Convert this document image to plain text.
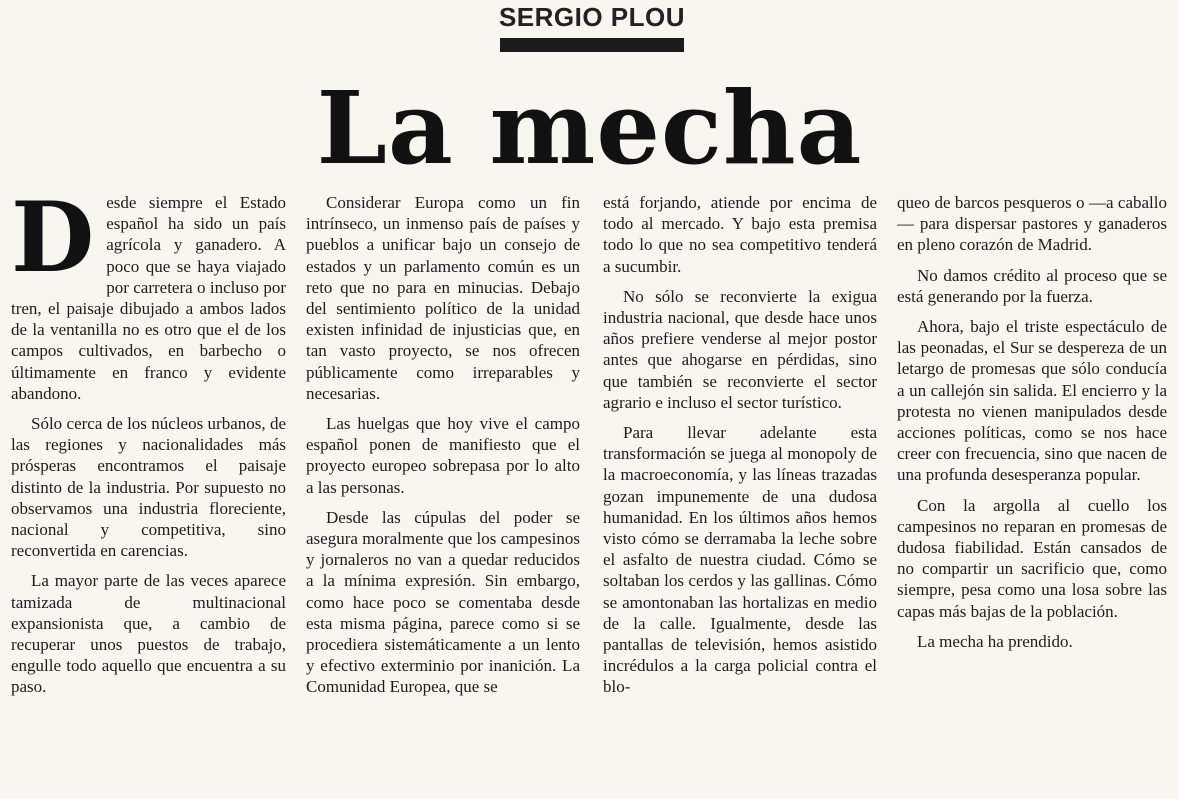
SERGIO PLOU
La mecha

Desde siempre el Estado español ha sido un país agrícola y ganadero. A poco que se haya viajado por carretera o incluso por tren, el paisaje dibujado a ambos lados de la ventanilla no es otro que el de los campos cultivados, en barbecho o últimamente en franco y evidente abandono.

Sólo cerca de los núcleos urbanos, de las regiones y nacionalidades más prósperas encontramos el paisaje distinto de la industria. Por supuesto no observamos una industria floreciente, nacional y competitiva, sino reconvertida en carencias.

La mayor parte de las veces aparece tamizada de multinacional expansionista que, a cambio de recuperar unos puestos de trabajo, engulle todo aquello que encuentra a su paso.

Considerar Europa como un fin intrínseco, un inmenso país de países y pueblos a unificar bajo un consejo de estados y un parlamento común es un reto que no para en minucias. Debajo del sentimiento político de la unidad existen infinidad de injusticias que, en tan vasto proyecto, se nos ofrecen públicamente como irreparables y necesarias.

Las huelgas que hoy vive el campo español ponen de manifiesto que el proyecto europeo sobrepasa por lo alto a las personas.

Desde las cúpulas del poder se asegura moralmente que los campesinos y jornaleros no van a quedar reducidos a la mínima expresión. Sin embargo, como hace poco se comentaba desde esta misma página, parece como si se procediera sistemáticamente a un lento y efectivo exterminio por inanición. La Comunidad Europea, que se

está forjando, atiende por encima de todo al mercado. Y bajo esta premisa todo lo que no sea competitivo tenderá a sucumbir.

No sólo se reconvierte la exigua industria nacional, que desde hace unos años prefiere venderse al mejor postor antes que ahogarse en pérdidas, sino que también se reconvierte el sector agrario e incluso el sector turístico.

Para llevar adelante esta transformación se juega al monopoly de la macroeconomía, y las líneas trazadas gozan impunemente de una dudosa humanidad. En los últimos años hemos visto cómo se derramaba la leche sobre el asfalto de nuestra ciudad. Cómo se soltaban los cerdos y las gallinas. Cómo se amontonaban las hortalizas en medio de la calle. Igualmente, desde las pantallas de televisión, hemos asistido incrédulos a la carga policial contra el blo-

queo de barcos pesqueros o —a caballo— para dispersar pastores y ganaderos en pleno corazón de Madrid.

No damos crédito al proceso que se está generando por la fuerza.

Ahora, bajo el triste espectáculo de las peonadas, el Sur se despereza de un letargo de promesas que sólo conducía a un callejón sin salida. El encierro y la protesta no vienen manipulados desde acciones políticas, como se nos hace creer con frecuencia, sino que nacen de una profunda desesperanza popular.

Con la argolla al cuello los campesinos no reparan en promesas de dudosa fiabilidad. Están cansados de no compartir un sacrificio que, como siempre, pesa como una losa sobre las capas más bajas de la población.

La mecha ha prendido.
